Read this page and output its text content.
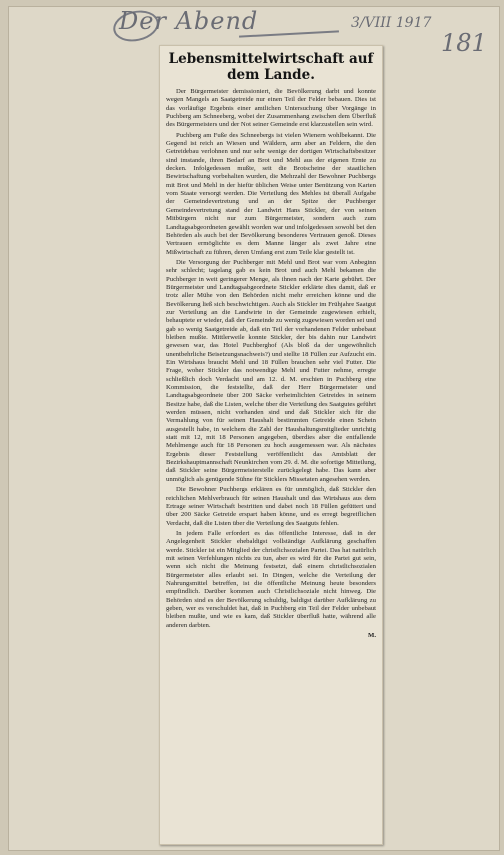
Der Abend	3/VIII 1917
181
Lebensmittelwirtschaft auf dem Lande.

Der Bürgermeister demissioniert, die Bevölkerung darbt und konnte wegen Mangels an Saatgetreide nur einen Teil der Felder bebauen. Dies ist das vorläufige Ergebnis einer amtlichen Untersuchung über Vorgänge in Puchberg am Schneeberg, wobei der Zusammenhang zwischen dem Überfluß des Bürgermeisters und der Not seiner Gemeinde erst klarzustellen sein wird.

Puchberg am Fuße des Schneebergs ist vielen Wienern wohlbekannt. Die Gegend ist reich an Wiesen und Wäldern, arm aber an Feldern, die den Getreidebau verlohnen und nur sehr wenige der dortigen Wirtschaftsbesitzer sind imstande, ihren Bedarf an Brot und Mehl aus der eigenen Ernte zu decken. Infolgedessen mußte, seit die Brotscheine der staatlichen Bewirtschaftung vorbehalten wurden, die Mehrzahl der Bewohner Puchbergs mit Brot und Mehl in der hiefür üblichen Weise unter Benützung von Karten vom Staate versorgt werden. Die Verteilung des Mehles ist überall Aufgabe der Gemeindevertretung und an der Spitze der Puchberger Gemeindevertretung stand der Landwirt Hans Stickler, der von seinen Mitbürgern nicht nur zum Bürgermeister, sondern auch zum Landtagsabgeordneten gewählt worden war und infolgedessen sowohl bei den Behörden als auch bei der Bevölkerung besonderes Vertrauen genoß. Dieses Vertrauen ermöglichte es dem Manne länger als zwei Jahre eine Mißwirtschaft zu führen, deren Umfang erst zum Teile klar gestellt ist.

Die Versorgung der Puchberger mit Mehl und Brot war vom Anbeginn sehr schlecht; tagelang gab es kein Brot und auch Mehl bekamen die Puchberger in weit geringerer Menge, als ihnen nach der Karte gebührt. Der Bürgermeister und Landtagsabgeordnete Stickler erklärte dies damit, daß er trotz aller Mühe von den Behörden nicht mehr erreichen könne und die Bevölkerung ließ sich beschwichtigen. Auch als Stickler im Frühjahre Saatgut zur Verteilung an die Landwirte in der Gemeinde zugewiesen erhielt, behauptete er wieder, daß der Gemeinde zu wenig zugewiesen worden sei und gab so wenig Saatgetreide ab, daß ein Teil der vorhandenen Felder unbebaut bleiben mußte. Mittlerweile konnte Stickler, der bis dahin nur Landwirt gewesen war, das Hotel Puchberghof (Als bloß da der ungewöhnlich unentbehrliche Beisetzungsnachweis?) und stellte 18 Füllen zur Aufzucht ein. Ein Wirtshaus braucht Mehl und 18 Füllen brauchen sehr viel Futter. Die Frage, woher Stickler das notwendige Mehl und Futter nehme, erregte schließlich doch Verdacht und am 12. d. M. erschien in Puchberg eine Kommission, die feststellte, daß der Herr Bürgermeister und Landtagsabgeordnete über 200 Säcke verheimlichten Getreides in seinem Besitze habe, daß die Listen, welche über die Verteilung des Saatgutes geführt werden müssen, nicht vorhanden sind und daß Stickler sich für die Vermahlung von für seinen Haushalt bestimmten Getreide einen Schein ausgestellt habe, in welchem die Zahl der Haushaltungsmitglieder unrichtig statt mit 12, mit 18 Personen angegeben, überdies aber die entfallende Mehlmenge auch für 18 Personen zu hoch ausgemessen war. Als nächstes Ergebnis dieser Feststellung veröffentlicht das Amtsblatt der Bezirkshauptmannschaft Neunkirchen vom 29. d. M. die sofortige Mitteilung, daß Stickler seine Bürgermeisterstelle zurückgelegt habe. Das kann aber unmöglich als genügende Sühne für Sticklers Missetaten angesehen werden.

Die Bewohner Puchbergs erklären es für unmöglich, daß Stickler den reichlichen Mehlverbrauch für seinen Haushalt und das Wirtshaus aus dem Ertrage seiner Wirtschaft bestritten und dabei noch 18 Füllen gefüttert und über 200 Säcke Getreide erspart haben könne, und es erregt begreiflichen Verdacht, daß die Listen über die Verteilung des Saatguts fehlen.

In jedem Falle erfordert es das öffentliche Interesse, daß in der Angelegenheit Stickler ehebaldigst vollständige Aufklärung geschaffen werde. Stickler ist ein Mitglied der christlichsozialen Partei. Das hat natürlich mit seinen Verfehlungen nichts zu tun, aber es wird für die Partei gut sein, wenn sich nicht die Meinung festsetzt, daß einem christlichsozialen Bürgermeister alles erlaubt sei. In Dingen, welche die Verteilung der Nahrungsmittel betreffen, ist die öffentliche Meinung heute besonders empfindlich. Darüber kommen auch Christlichsoziale nicht hinweg. Die Behörden sind es der Bevölkerung schuldig, baldigst darüber Aufklärung zu geben, wer es verschuldet hat, daß in Puchberg ein Teil der Felder unbebaut bleiben mußte, und wie es kam, daß Stickler überfluß hatte, während alle anderen darbten.

M.
